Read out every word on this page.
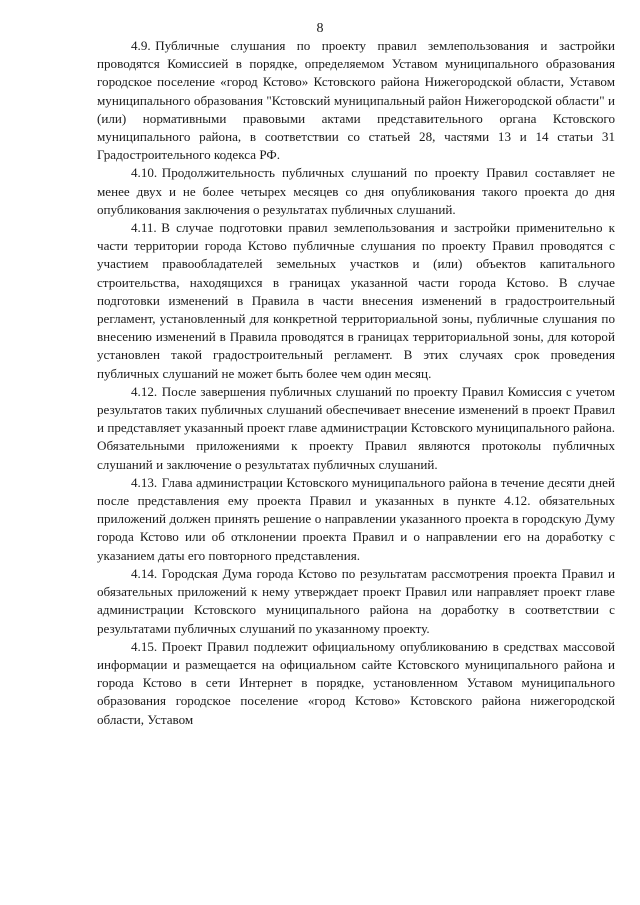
8

4.9. Публичные слушания по проекту правил землепользования и застройки проводятся Комиссией в порядке, определяемом Уставом муниципального образования городское поселение «город Кстово» Кстовского района Нижегородской области, Уставом муниципального образования "Кстовский муниципальный район Нижегородской области" и (или) нормативными правовыми актами представительного органа Кстовского муниципального района, в соответствии со статьей 28, частями 13 и 14 статьи 31 Градостроительного кодекса РФ.

4.10. Продолжительность публичных слушаний по проекту Правил составляет не менее двух и не более четырех месяцев со дня опубликования такого проекта до дня опубликования заключения о результатах публичных слушаний.

4.11. В случае подготовки правил землепользования и застройки применительно к части территории города Кстово публичные слушания по проекту Правил проводятся с участием правообладателей земельных участков и (или) объектов капитального строительства, находящихся в границах указанной части города Кстово. В случае подготовки изменений в Правила в части внесения изменений в градостроительный регламент, установленный для конкретной территориальной зоны, публичные слушания по внесению изменений в Правила проводятся в границах территориальной зоны, для которой установлен такой градостроительный регламент. В этих случаях срок проведения публичных слушаний не может быть более чем один месяц.

4.12. После завершения публичных слушаний по проекту Правил Комиссия с учетом результатов таких публичных слушаний обеспечивает внесение изменений в проект Правил и представляет указанный проект главе администрации Кстовского муниципального района. Обязательными приложениями к проекту Правил являются протоколы публичных слушаний и заключение о результатах публичных слушаний.

4.13. Глава администрации Кстовского муниципального района в течение десяти дней после представления ему проекта Правил и указанных в пункте 4.12. обязательных приложений должен принять решение о направлении указанного проекта в городскую Думу города Кстово или об отклонении проекта Правил и о направлении его на доработку с указанием даты его повторного представления.

4.14. Городская Дума города Кстово по результатам рассмотрения проекта Правил и обязательных приложений к нему утверждает проект Правил или направляет проект главе администрации Кстовского муниципального района на доработку в соответствии с результатами публичных слушаний по указанному проекту.

4.15. Проект Правил подлежит официальному опубликованию в средствах массовой информации и размещается на официальном сайте Кстовского муниципального района и города Кстово в сети Интернет в порядке, установленном Уставом муниципального образования городское поселение «город Кстово» Кстовского района нижегородской области, Уставом
